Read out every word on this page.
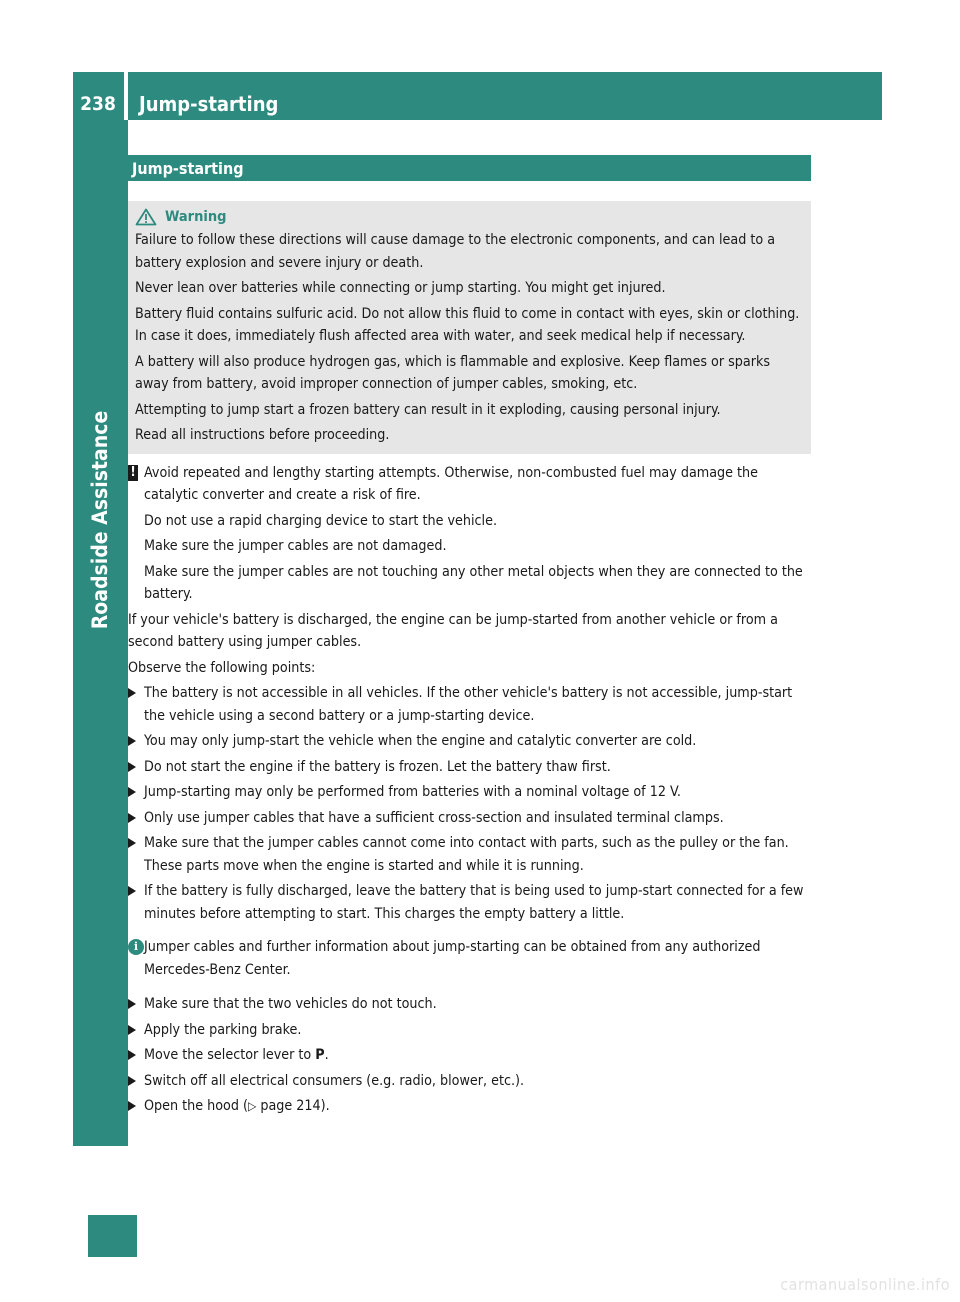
238	Jump-starting
Roadside Assistance
Jump-starting
Warning

Failure to follow these directions will cause damage to the electronic components, and can lead to a battery explosion and severe injury or death.

Never lean over batteries while connecting or jump starting. You might get injured.

Battery fluid contains sulfuric acid. Do not allow this fluid to come in contact with eyes, skin or clothing. In case it does, immediately flush affected area with water, and seek medical help if necessary.

A battery will also produce hydrogen gas, which is flammable and explosive. Keep flames or sparks away from battery, avoid improper connection of jumper cables, smoking, etc.

Attempting to jump start a frozen battery can result in it exploding, causing personal injury.

Read all instructions before proceeding.

! Avoid repeated and lengthy starting attempts. Otherwise, non-combusted fuel may damage the catalytic converter and create a risk of fire.

Do not use a rapid charging device to start the vehicle.

Make sure the jumper cables are not damaged.

Make sure the jumper cables are not touching any other metal objects when they are connected to the battery.

If your vehicle's battery is discharged, the engine can be jump-started from another vehicle or from a second battery using jumper cables.

Observe the following points:

The battery is not accessible in all vehicles. If the other vehicle's battery is not accessible, jump-start the vehicle using a second battery or a jump-starting device.
You may only jump-start the vehicle when the engine and catalytic converter are cold.
Do not start the engine if the battery is frozen. Let the battery thaw first.
Jump-starting may only be performed from batteries with a nominal voltage of 12 V.
Only use jumper cables that have a sufficient cross-section and insulated terminal clamps.
Make sure that the jumper cables cannot come into contact with parts, such as the pulley or the fan. These parts move when the engine is started and while it is running.
If the battery is fully discharged, leave the battery that is being used to jump-start connected for a few minutes before attempting to start. This charges the empty battery a little.
i Jumper cables and further information about jump-starting can be obtained from any authorized Mercedes-Benz Center.

Make sure that the two vehicles do not touch.
Apply the parking brake.
Move the selector lever to P.
Switch off all electrical consumers (e.g. radio, blower, etc.).
Open the hood (▷ page 214).
carmanualsonline.info
